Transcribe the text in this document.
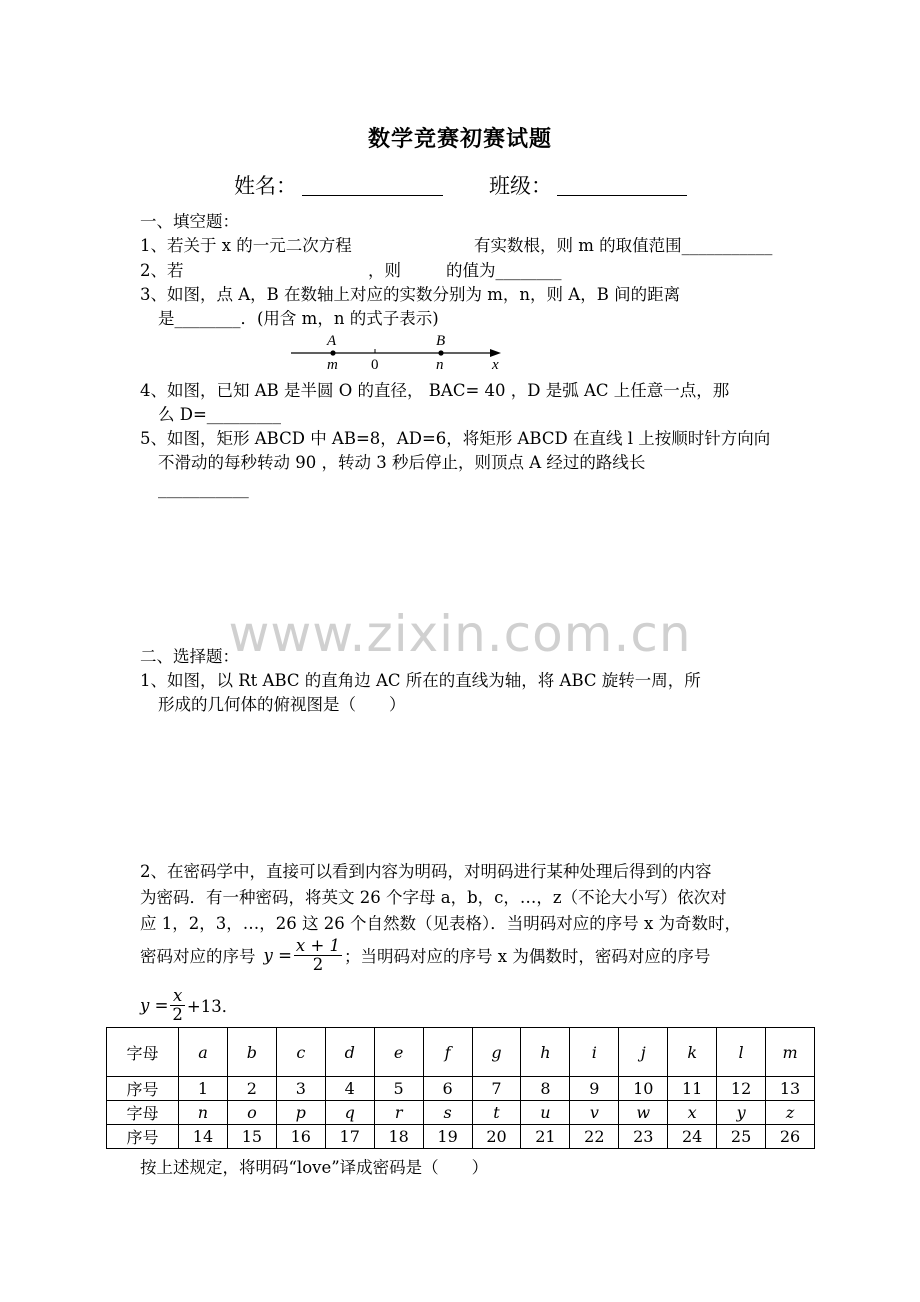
数学竞赛初赛试题
姓名：	班级：
一、填空题：
1、若关于 x 的一元二次方程	有实数根，则 m 的取值范围___________
2、若	，则	的值为________
3、如图，点 A，B 在数轴上对应的实数分别为 m，n，则 A，B 间的距离
是________．(用含 m，n 的式子表示)
A	B
m 0	n	x
4、如图，已知 AB 是半圆 O 的直径， BAC= 40 ，D 是弧 AC 上任意一点，那
么 D=_________
5、如图，矩形 ABCD 中 AB=8，AD=6，将矩形 ABCD 在直线 l 上按顺时针方向向
不滑动的每秒转动 90 ，转动 3 秒后停止，则顶点 A 经过的路线长
___________
www.zixin.com.cn
二、选择题：
1、如图，以 Rt ABC 的直角边 AC 所在的直线为轴，将 ABC 旋转一周，所
形成的几何体的俯视图是（　　）
2、在密码学中，直接可以看到内容为明码，对明码进行某种处理后得到的内容
为密码．有一种密码，将英文 26 个字母 a，b，c，…，z（不论大小写）依次对
应 1，2，3，…，26 这 26 个自然数（见表格）．当明码对应的序号 x 为奇数时，
密码对应的序号 $y = \frac{x + 1}{2}$ ；当明码对应的序号 x 为偶数时，密码对应的序号
$y = \frac{x}{2} +13$．
字母	a	b	c	d	e	f	g	h	i	j	k	l	m
序号	1	2	3	4	5	6	7	8	9	10	11	12	13
字母	n	o	p	q	r	s	t	u	v	w	x	y	z
序号	14	15	16	17	18	19	20	21	22	23	24	25	26
按上述规定，将明码“love”译成密码是（　　）
